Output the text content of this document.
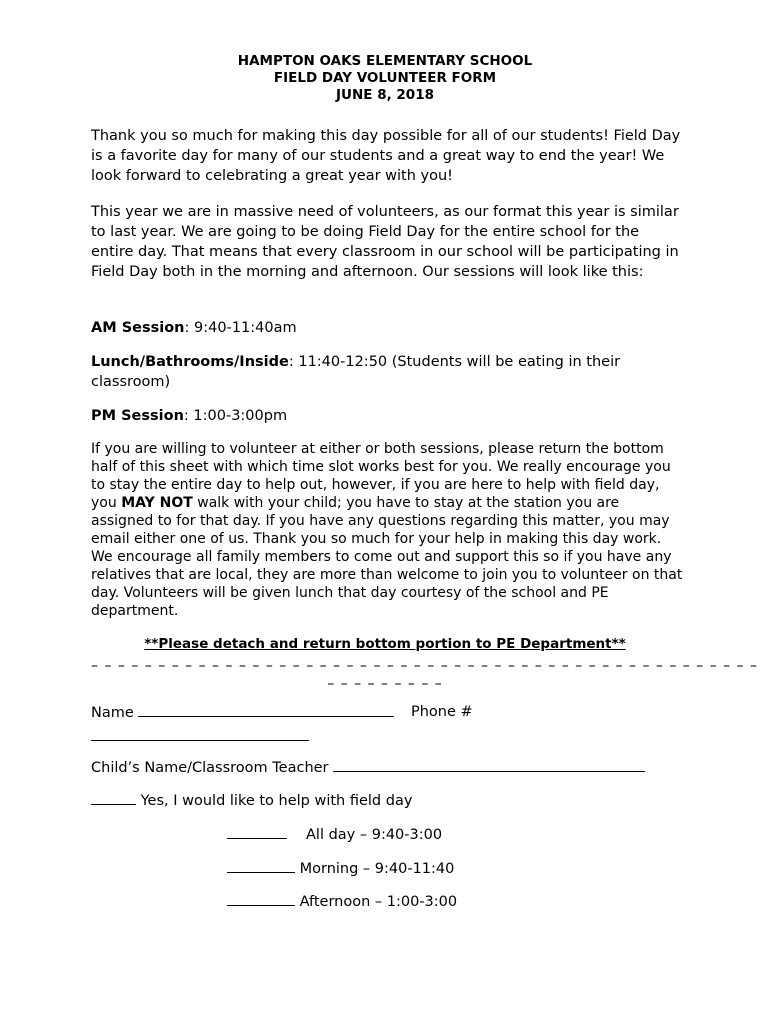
HAMPTON OAKS ELEMENTARY SCHOOL
FIELD DAY VOLUNTEER FORM
JUNE 8, 2018

Thank you so much for making this day possible for all of our students! Field Day is a favorite day for many of our students and a great way to end the year! We look forward to celebrating a great year with you!

This year we are in massive need of volunteers, as our format this year is similar to last year. We are going to be doing Field Day for the entire school for the entire day. That means that every classroom in our school will be participating in Field Day both in the morning and afternoon. Our sessions will look like this:

AM Session: 9:40-11:40am

Lunch/Bathrooms/Inside: 11:40-12:50 (Students will be eating in their classroom)

PM Session: 1:00-3:00pm

If you are willing to volunteer at either or both sessions, please return the bottom half of this sheet with which time slot works best for you. We really encourage you to stay the entire day to help out, however, if you are here to help with field day, you MAY NOT walk with your child; you have to stay at the station you are assigned to for that day. If you have any questions regarding this matter, you may email either one of us. Thank you so much for your help in making this day work. We encourage all family members to come out and support this so if you have any relatives that are local, they are more than welcome to join you to volunteer on that day. Volunteers will be given lunch that day courtesy of the school and PE department.

**Please detach and return bottom portion to PE Department**
– – – – – – – – – – – – – – – – – – – – – – – – – – – – – – – – – – – – – – – – – – – – – – – – – –
– – – – – – – – –
Name	Phone #
Child’s Name/Classroom Teacher
Yes, I would like to help with field day
All day – 9:40-3:00
Morning – 9:40-11:40
Afternoon – 1:00-3:00
